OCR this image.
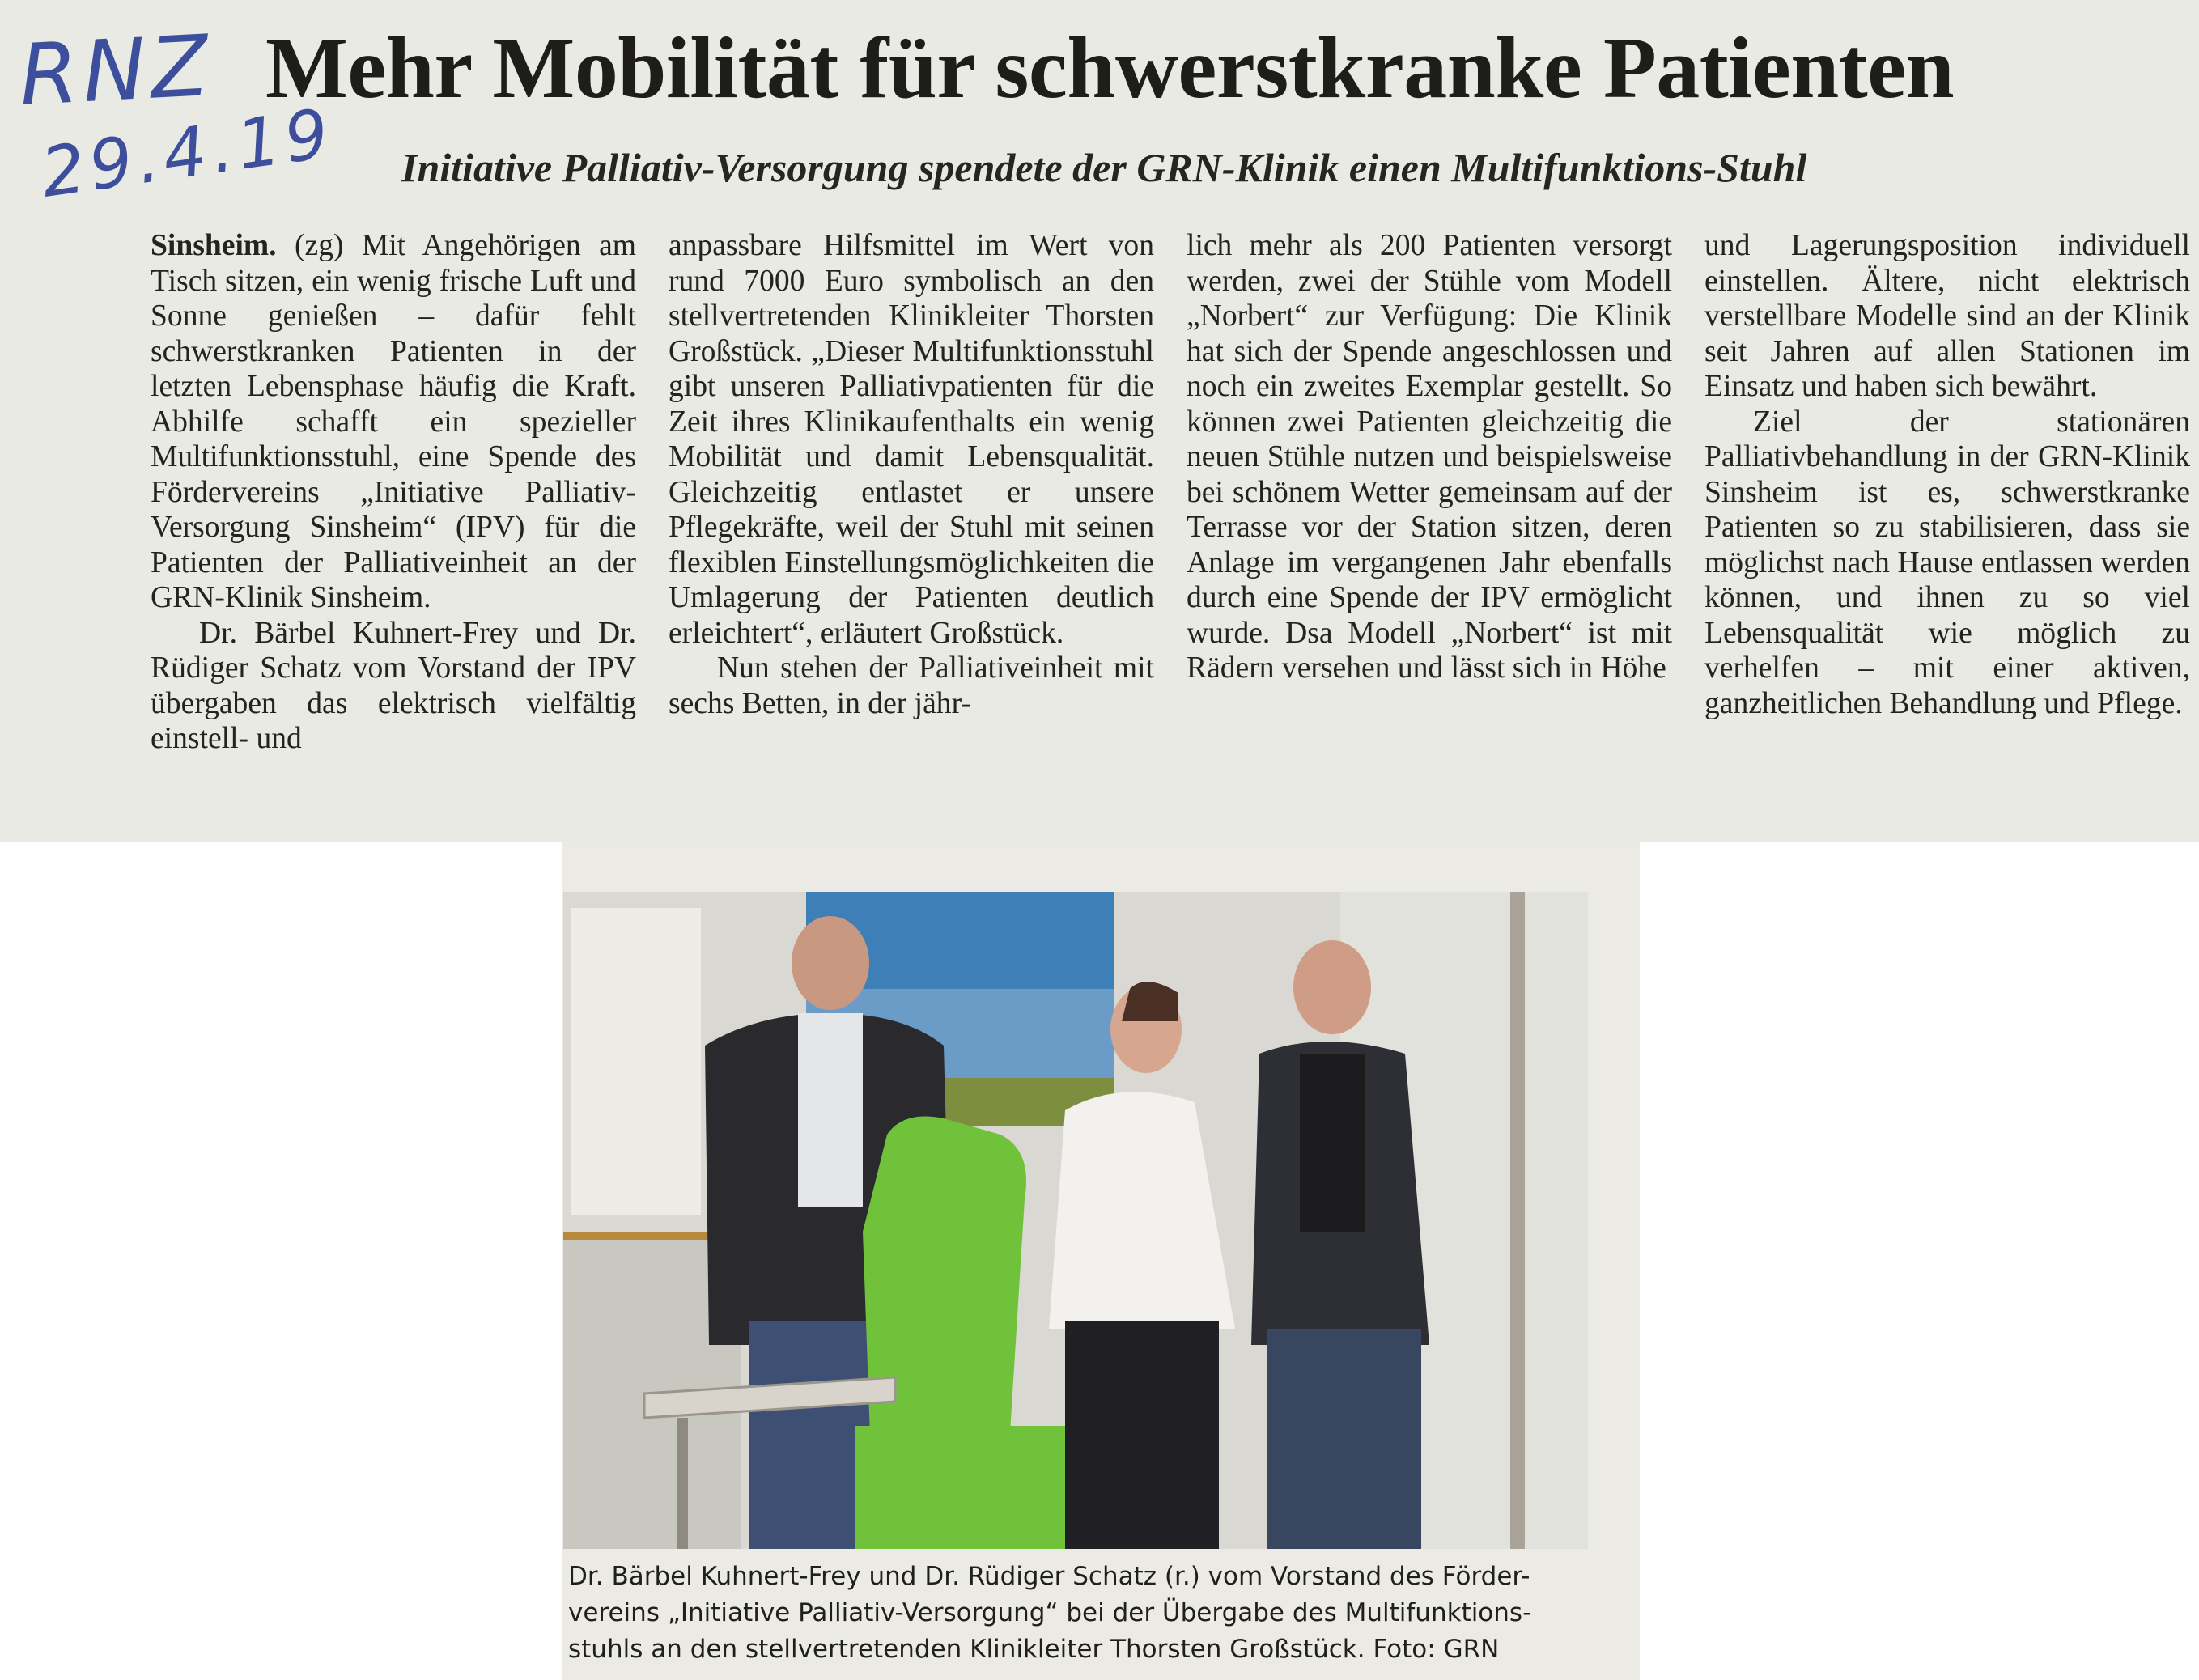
RNZ
29.4.19
Mehr Mobilität für schwerstkranke Patienten
Initiative Palliativ-Versorgung spendete der GRN-Klinik einen Multifunktions-Stuhl

Sinsheim. (zg) Mit Angehörigen am Tisch sitzen, ein wenig frische Luft und Sonne genießen – dafür fehlt schwerstkranken Patienten in der letzten Lebensphase häufig die Kraft. Abhilfe schafft ein spezieller Multifunktionsstuhl, eine Spende des Fördervereins „Initiative Palliativ-Versorgung Sinsheim“ (IPV) für die Patienten der Palliativeinheit an der GRN-Klinik Sinsheim.

Dr. Bärbel Kuhnert-Frey und Dr. Rüdiger Schatz vom Vorstand der IPV übergaben das elektrisch vielfältig einstell- und

anpassbare Hilfsmittel im Wert von rund 7000 Euro symbolisch an den stellvertretenden Klinikleiter Thorsten Großstück. „Dieser Multifunktionsstuhl gibt unseren Palliativpatienten für die Zeit ihres Klinikaufenthalts ein wenig Mobilität und damit Lebensqualität. Gleichzeitig entlastet er unsere Pflegekräfte, weil der Stuhl mit seinen flexiblen Einstellungsmöglichkeiten die Umlagerung der Patienten deutlich erleichtert“, erläutert Großstück.

Nun stehen der Palliativeinheit mit sechs Betten, in der jähr-

lich mehr als 200 Patienten versorgt werden, zwei der Stühle vom Modell „Norbert“ zur Verfügung: Die Klinik hat sich der Spende angeschlossen und noch ein zweites Exemplar gestellt. So können zwei Patienten gleichzeitig die neuen Stühle nutzen und beispielsweise bei schönem Wetter gemeinsam auf der Terrasse vor der Station sitzen, deren Anlage im vergangenen Jahr ebenfalls durch eine Spende der IPV ermöglicht wurde. Dsa Modell „Norbert“ ist mit Rädern versehen und lässt sich in Höhe

und Lagerungsposition individuell einstellen. Ältere, nicht elektrisch verstellbare Modelle sind an der Klinik seit Jahren auf allen Stationen im Einsatz und haben sich bewährt.

Ziel der stationären Palliativbehandlung in der GRN-Klinik Sinsheim ist es, schwerstkranke Patienten so zu stabilisieren, dass sie möglichst nach Hause entlassen werden können, und ihnen zu so viel Lebensqualität wie möglich zu verhelfen – mit einer aktiven, ganzheitlichen Behandlung und Pflege.

Dr. Bärbel Kuhnert-Frey und Dr. Rüdiger Schatz (r.) vom Vorstand des Förder-

vereins „Initiative Palliativ-Versorgung“ bei der Übergabe des Multifunktions-

stuhls an den stellvertretenden Klinikleiter Thorsten Großstück. Foto: GRN
